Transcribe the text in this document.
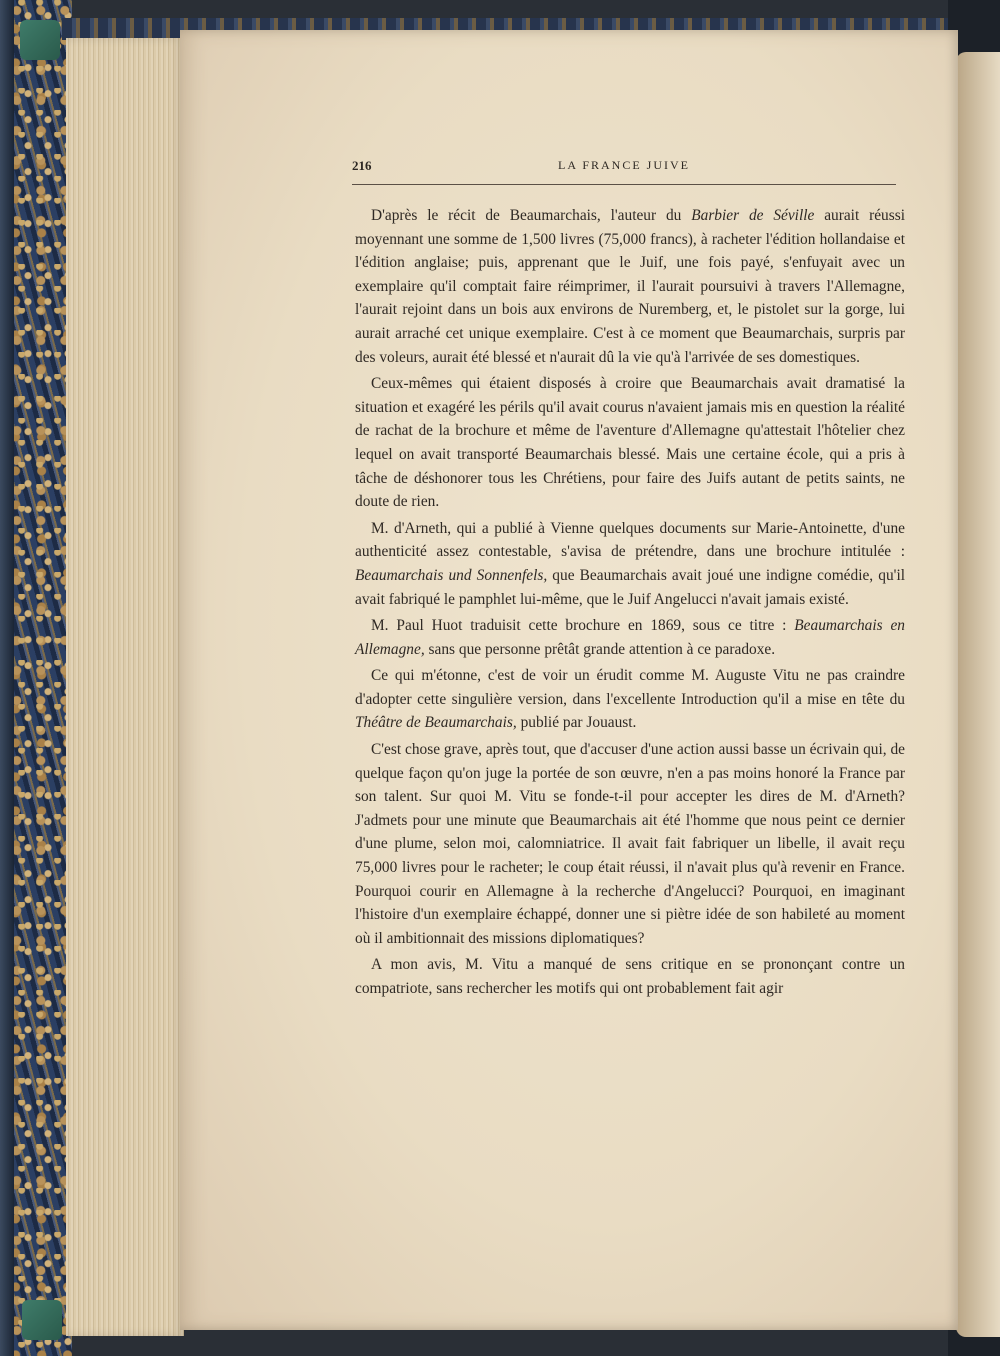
216	LA FRANCE JUIVE

D'après le récit de Beaumarchais, l'auteur du Barbier de Séville aurait réussi moyennant une somme de 1,500 livres (75,000 francs), à racheter l'édition hollandaise et l'édition anglaise; puis, apprenant que le Juif, une fois payé, s'enfuyait avec un exemplaire qu'il comptait faire réimprimer, il l'aurait poursuivi à travers l'Allemagne, l'aurait rejoint dans un bois aux environs de Nuremberg, et, le pistolet sur la gorge, lui aurait arraché cet unique exemplaire. C'est à ce moment que Beaumarchais, surpris par des voleurs, aurait été blessé et n'aurait dû la vie qu'à l'arrivée de ses domestiques.

Ceux-mêmes qui étaient disposés à croire que Beaumarchais avait dramatisé la situation et exagéré les périls qu'il avait courus n'avaient jamais mis en question la réalité de rachat de la brochure et même de l'aventure d'Allemagne qu'attestait l'hôtelier chez lequel on avait transporté Beaumarchais blessé. Mais une certaine école, qui a pris à tâche de déshonorer tous les Chrétiens, pour faire des Juifs autant de petits saints, ne doute de rien.

M. d'Arneth, qui a publié à Vienne quelques documents sur Marie-Antoinette, d'une authenticité assez contestable, s'avisa de prétendre, dans une brochure intitulée : Beaumarchais und Sonnenfels, que Beaumarchais avait joué une indigne comédie, qu'il avait fabriqué le pamphlet lui-même, que le Juif Angelucci n'avait jamais existé.

M. Paul Huot traduisit cette brochure en 1869, sous ce titre : Beaumarchais en Allemagne, sans que personne prêtât grande attention à ce paradoxe.

Ce qui m'étonne, c'est de voir un érudit comme M. Auguste Vitu ne pas craindre d'adopter cette singulière version, dans l'excellente Introduction qu'il a mise en tête du Théâtre de Beaumarchais, publié par Jouaust.

C'est chose grave, après tout, que d'accuser d'une action aussi basse un écrivain qui, de quelque façon qu'on juge la portée de son œuvre, n'en a pas moins honoré la France par son talent. Sur quoi M. Vitu se fonde-t-il pour accepter les dires de M. d'Arneth? J'admets pour une minute que Beaumarchais ait été l'homme que nous peint ce dernier d'une plume, selon moi, calomniatrice. Il avait fait fabriquer un libelle, il avait reçu 75,000 livres pour le racheter; le coup était réussi, il n'avait plus qu'à revenir en France. Pourquoi courir en Allemagne à la recherche d'Angelucci? Pourquoi, en imaginant l'histoire d'un exemplaire échappé, donner une si piètre idée de son habileté au moment où il ambitionnait des missions diplomatiques?

A mon avis, M. Vitu a manqué de sens critique en se prononçant contre un compatriote, sans rechercher les motifs qui ont probablement fait agir
